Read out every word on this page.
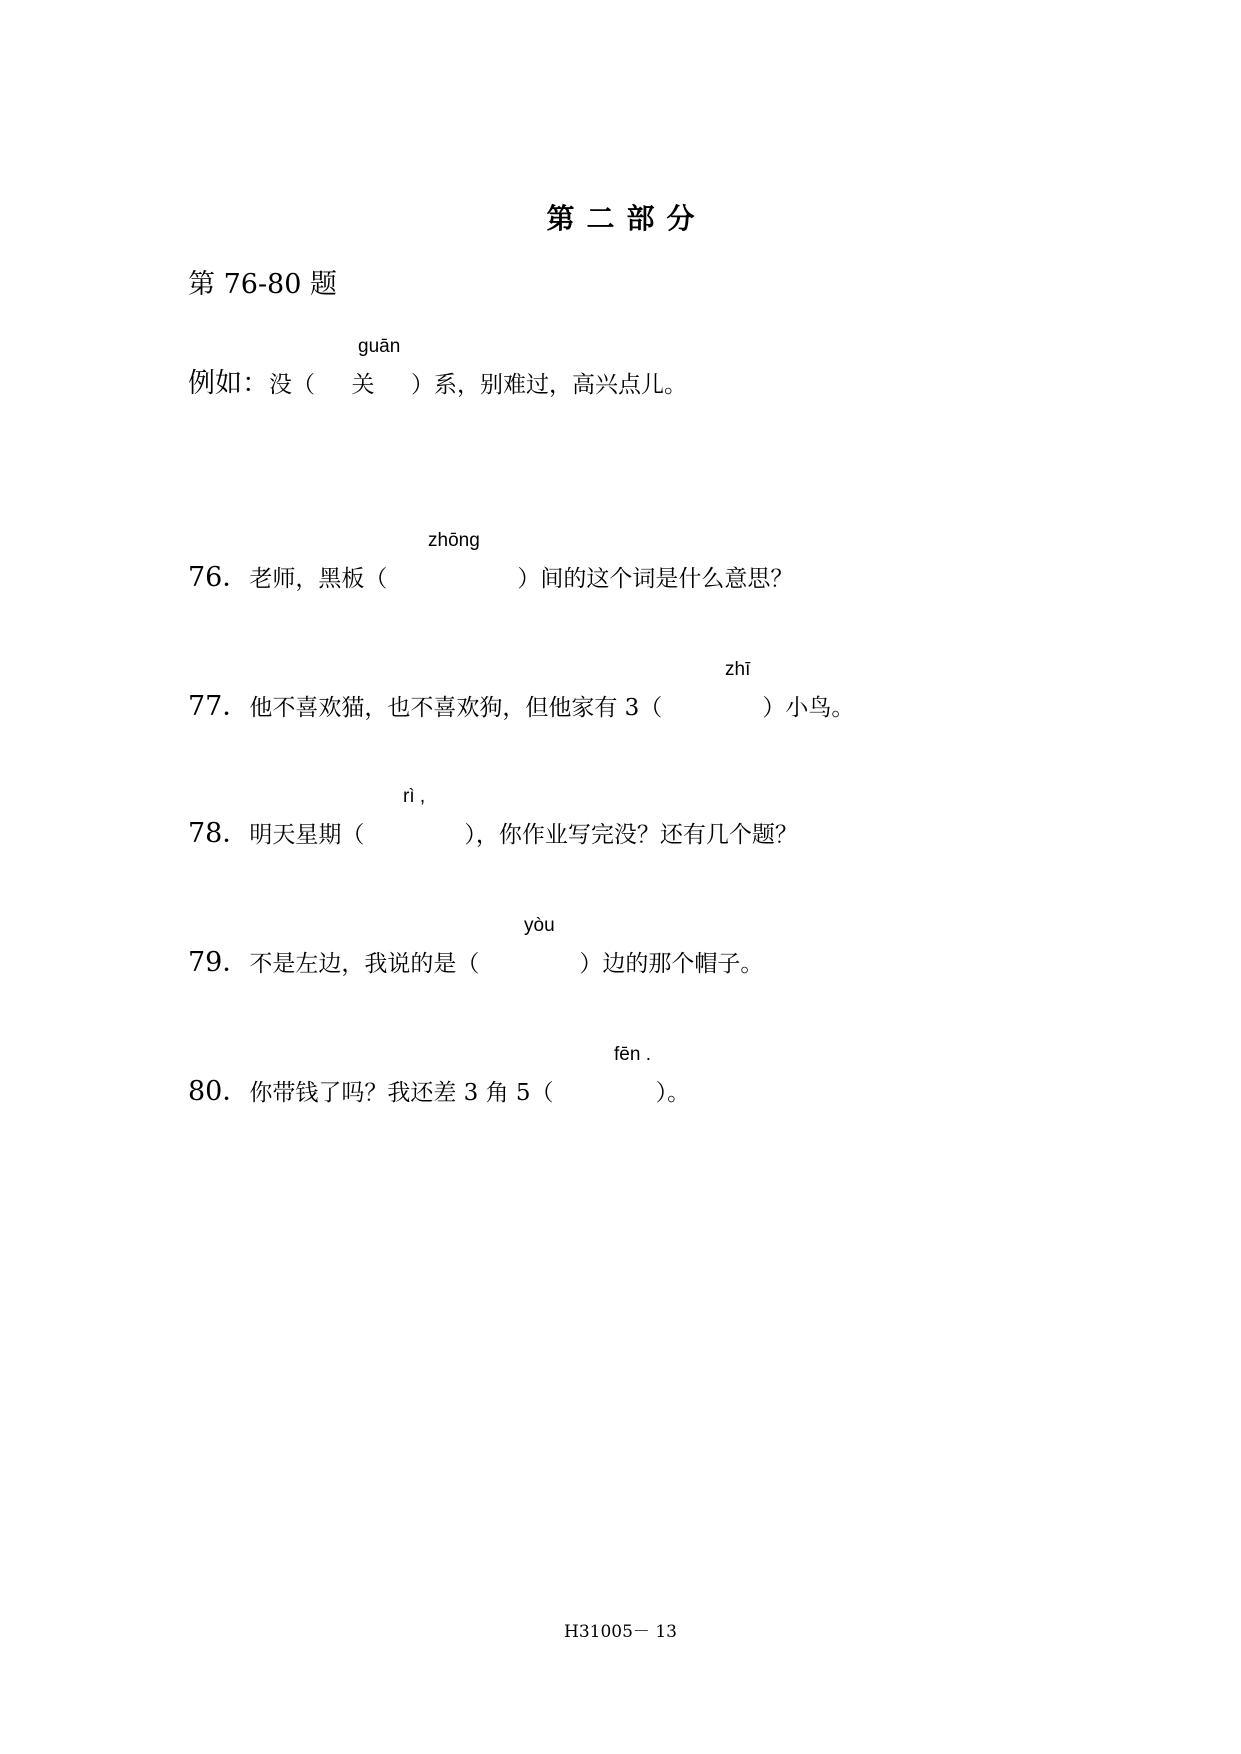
第二部分
第 76-80 题
guān
例如：没（ 关 ）系，别难过，高兴点儿。
zhōng
76．老师，黑板（	）间的这个词是什么意思？
zhī
77．他不喜欢猫，也不喜欢狗，但他家有 3（	）小鸟。
rì ,
78．明天星期（	），你作业写完没？还有几个题？
yòu
79．不是左边，我说的是（	）边的那个帽子。
fēn .
80．你带钱了吗？我还差 3 角 5（	）。
H31005－ 13
